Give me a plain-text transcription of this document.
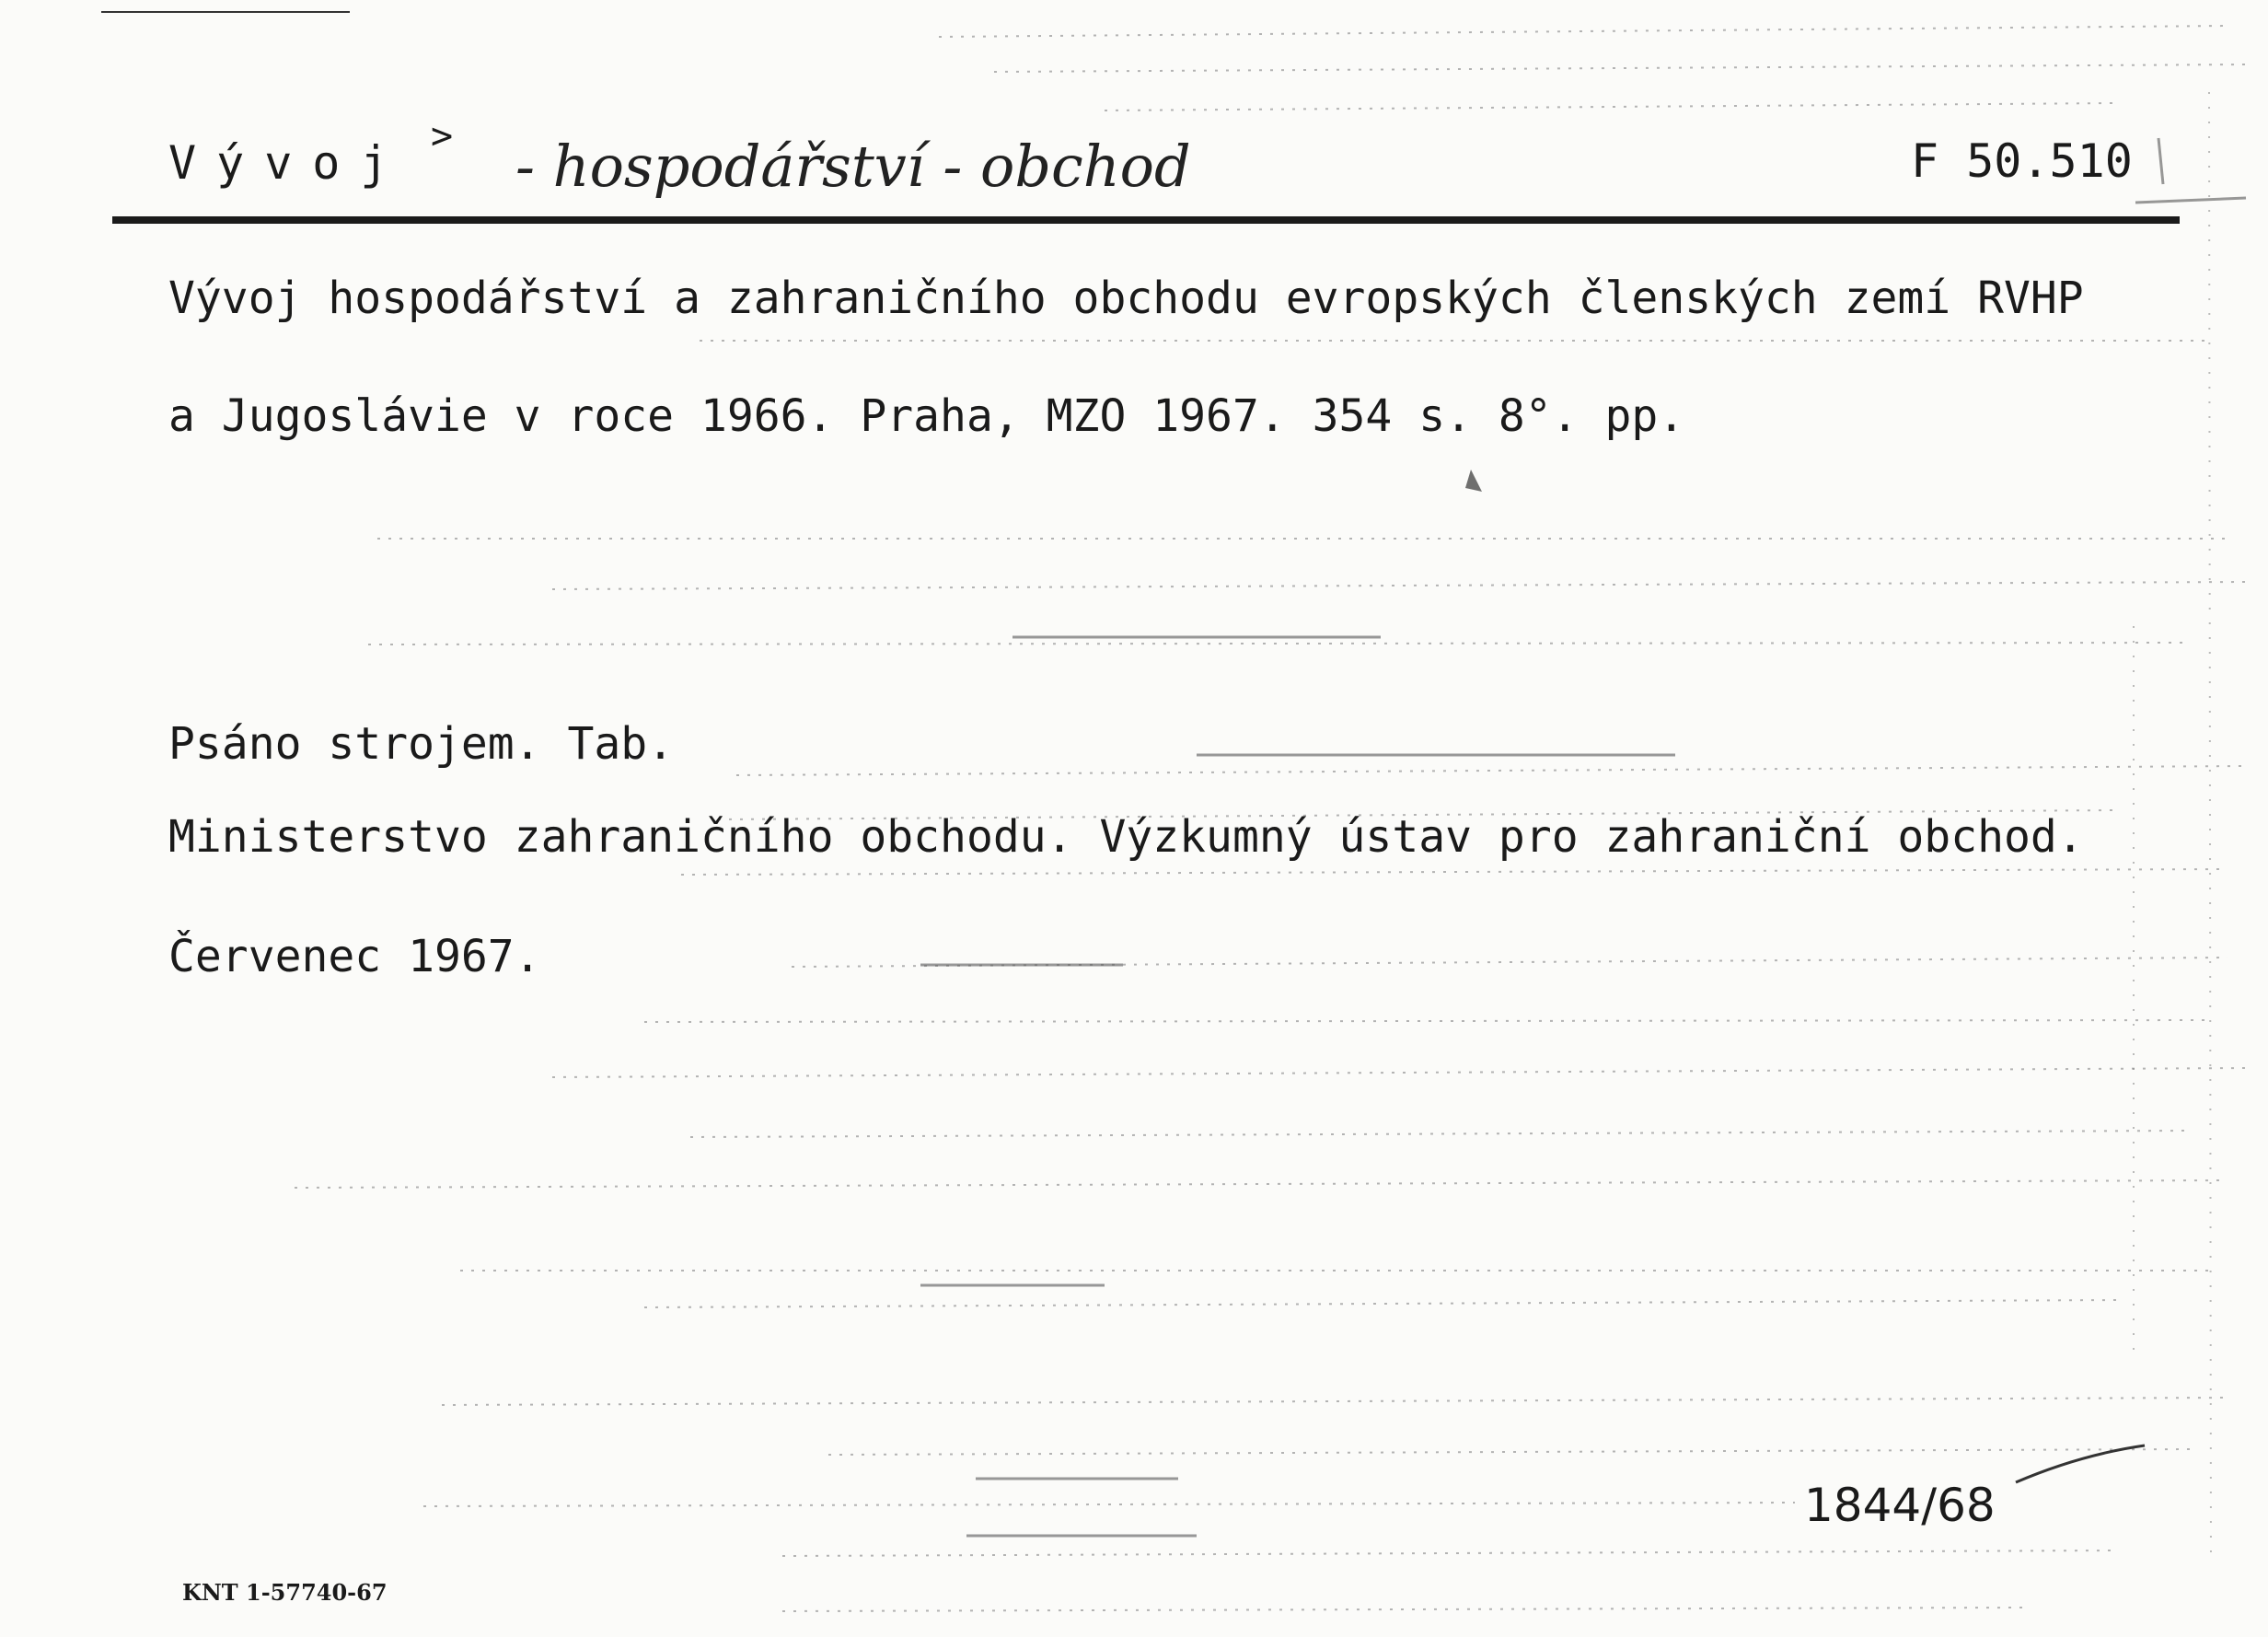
Vývoj > - hospodářství - obchod	F 50.510
Vývoj hospodářství a zahraničního obchodu evropských členských zemí RVHP
a Jugoslávie v roce 1966. Praha, MZO 1967. 354 s. 8°. pp.
Psáno strojem. Tab.
Ministerstvo zahraničního obchodu. Výzkumný ústav pro zahraniční obchod.
Červenec 1967.
1844/68
KNT 1-57740-67
